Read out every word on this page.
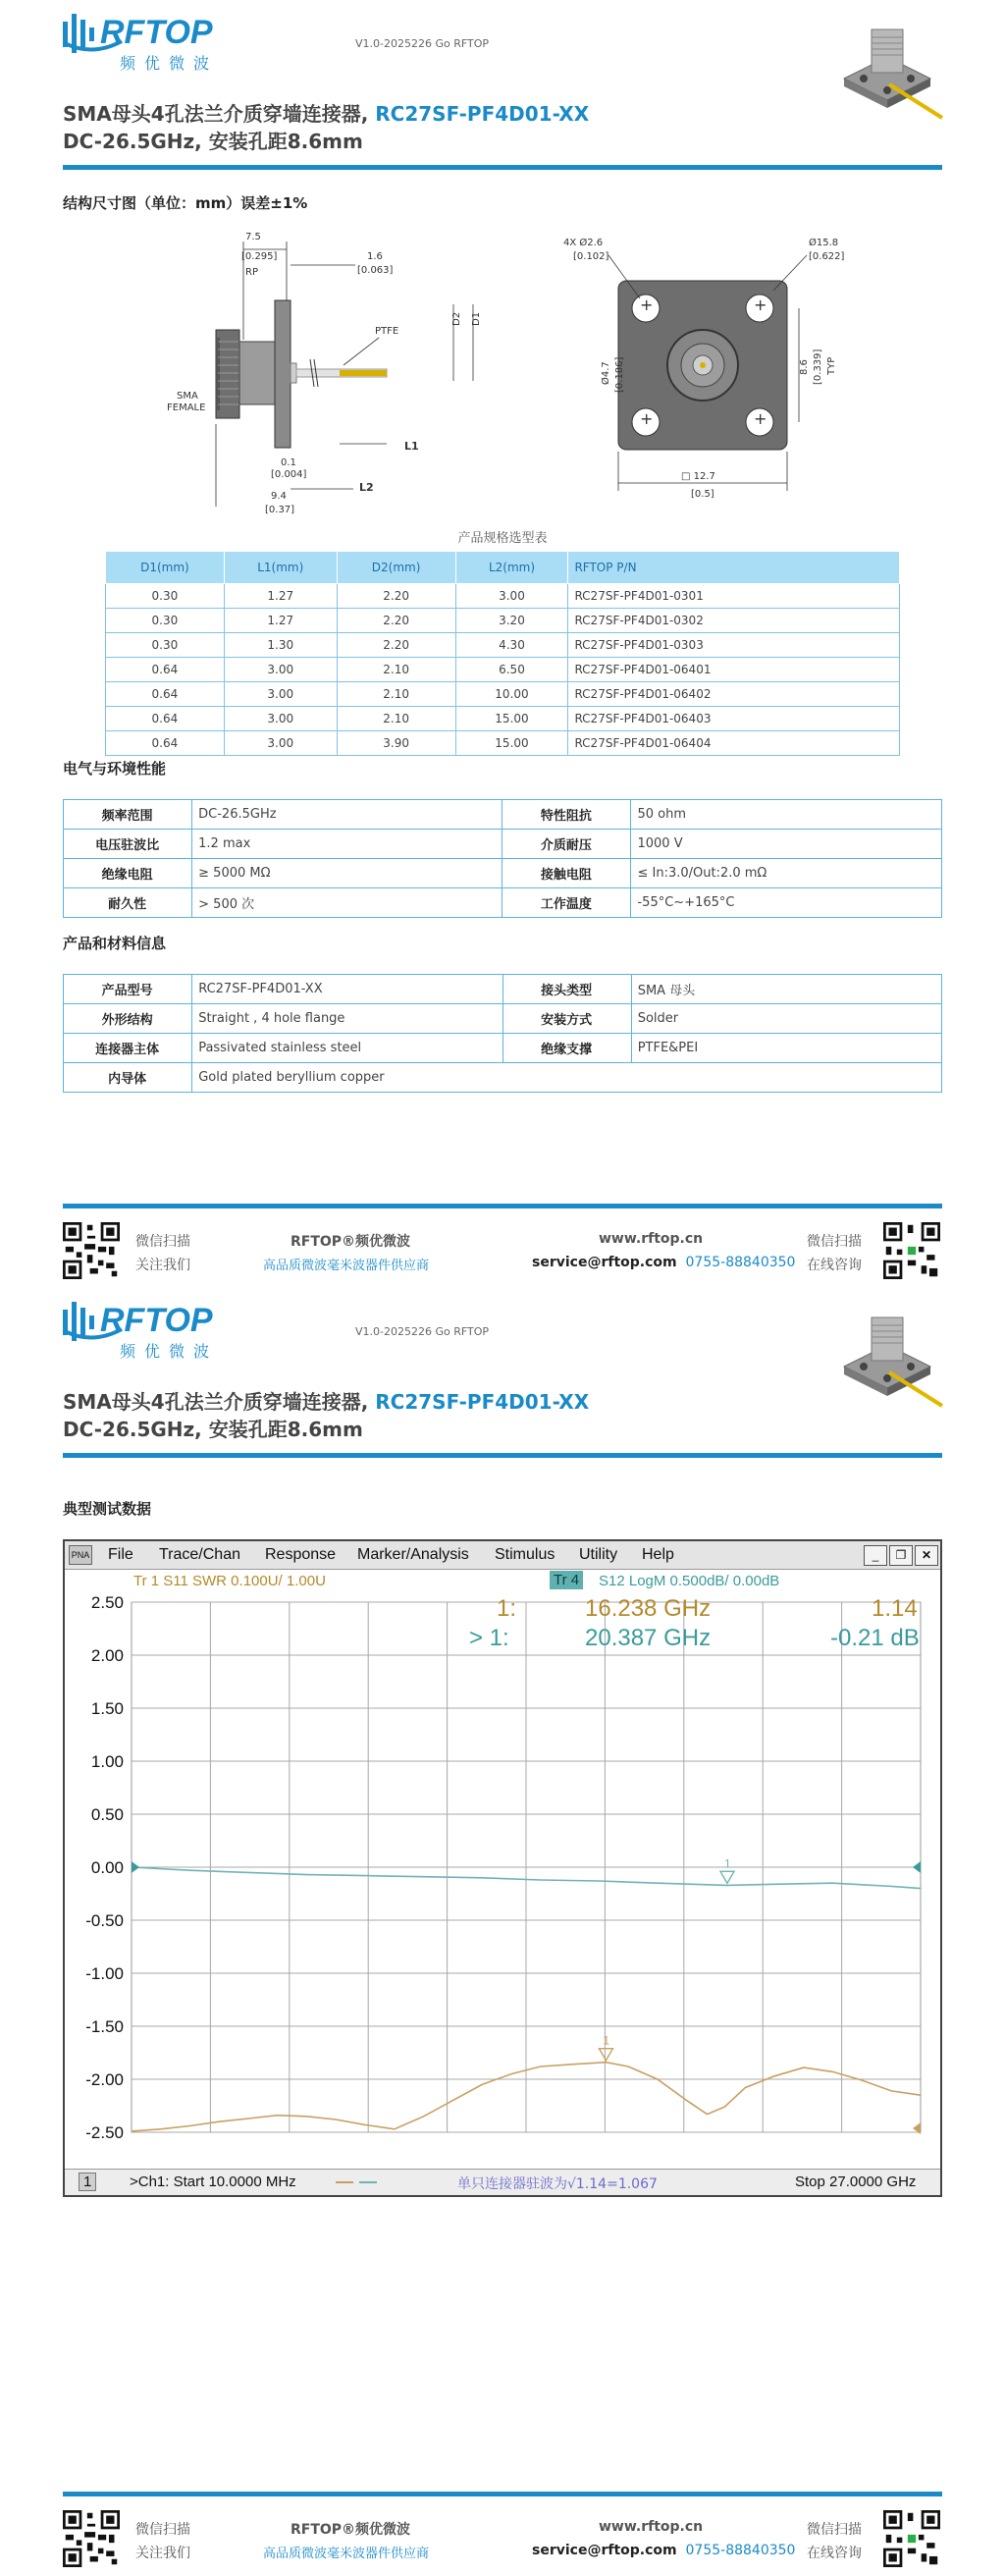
RFTOP
频优微波
V1.0-2025226 Go RFTOP
SMA母头4孔法兰介质穿墙连接器, RC27SF-PF4D01-XX
DC-26.5GHz, 安装孔距8.6mm
结构尺寸图（单位：mm）误差±1%
7.5
[0.295]
RP
1.6
[0.063]
PTFE
D2 D1
SMA
FEMALE
0.1
[0.004]
L1
L2
9.4
[0.37]
+	+
+	+
4X Ø2.6
[0.102]
Ø15.8
[0.622]
Ø4.7 [0.186]	8.6 [0.339] TYP
□ 12.7
[0.5]
产品规格选型表
D1(mm)	L1(mm)	D2(mm)	L2(mm)	RFTOP P/N
0.30	1.27	2.20	3.00	RC27SF-PF4D01-0301
0.30	1.27	2.20	3.20	RC27SF-PF4D01-0302
0.30	1.30	2.20	4.30	RC27SF-PF4D01-0303
0.64	3.00	2.10	6.50	RC27SF-PF4D01-06401
0.64	3.00	2.10	10.00	RC27SF-PF4D01-06402
0.64	3.00	2.10	15.00	RC27SF-PF4D01-06403
0.64	3.00	3.90	15.00	RC27SF-PF4D01-06404
电气与环境性能
频率范围	DC-26.5GHz	特性阻抗	50 ohm
电压驻波比	1.2 max	介质耐压	1000 V
绝缘电阻	≥ 5000 MΩ	接触电阻	≤ In:3.0/Out:2.0 mΩ
耐久性	> 500 次	工作温度	-55°C~+165°C
产品和材料信息
产品型号	RC27SF-PF4D01-XX	接头类型	SMA 母头
外形结构	Straight , 4 hole flange	安装方式	Solder
连接器主体	Passivated stainless steel	绝缘支撑	PTFE&PEI
内导体	Gold plated beryllium copper		
微信扫描
关注我们
RFTOP®频优微波
高品质微波毫米波器件供应商
www.rftop.cn
service@rftop.com 0755-88840350
微信扫描
在线咨询
RFTOP
频优微波
V1.0-2025226 Go RFTOP
SMA母头4孔法兰介质穿墙连接器, RC27SF-PF4D01-XX
DC-26.5GHz, 安装孔距8.6mm
典型测试数据
PNA File Trace/Chan Response Marker/Analysis Stimulus Utility Help	_	❐	✕
Tr 1 S11 SWR 0.100U/ 1.00U	Tr 4 S12 LogM 0.500dB/ 0.00dB
2.50
2.00
1.50
1.00
0.50
0.00
-0.50
-1.00
-1.50
-2.00
-2.50
1
1
1:	16.238 GHz	1.14
> 1:	20.387 GHz	-0.21 dB
1	>Ch1: Start 10.0000 MHz	单只连接器驻波为√1.14=1.067	Stop 27.0000 GHz
微信扫描
关注我们
RFTOP®频优微波
高品质微波毫米波器件供应商
www.rftop.cn
service@rftop.com 0755-88840350
微信扫描
在线咨询
